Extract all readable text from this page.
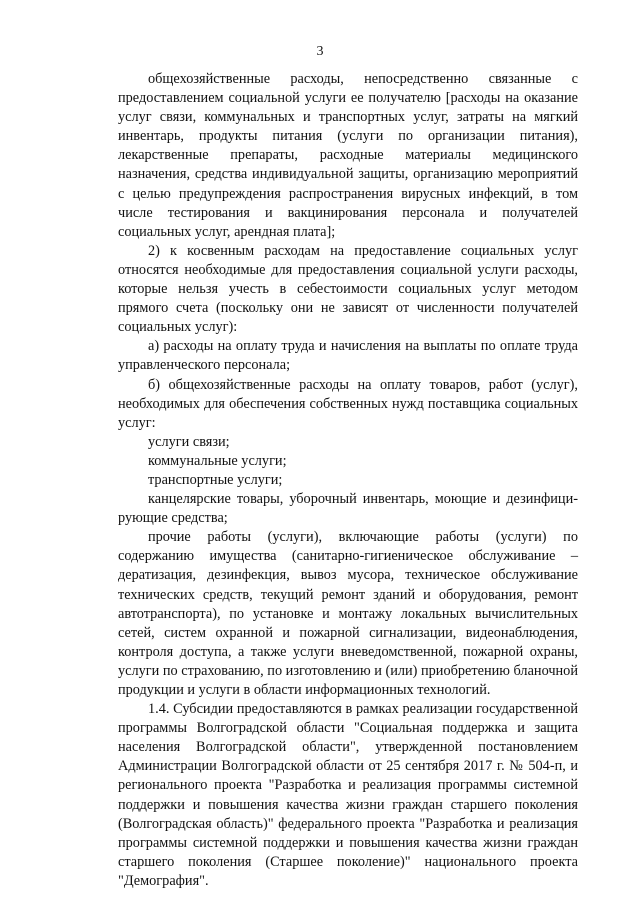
3

общехозяйственные расходы, непосредственно связанные с предоставлением социальной услуги ее получателю [расходы на оказание услуг связи, коммунальных и транспортных услуг, затраты на мягкий инвентарь, продукты питания (услуги по организации питания), лекарственные препараты, расходные материалы медицинского назначения, средства индивидуальной защиты, организацию мероприятий с целью предупреждения распространения вирусных инфекций, в том числе тестирования и вакцинирования персонала и получателей социальных услуг, арендная плата];

2) к косвенным расходам на предоставление социальных услуг относятся необходимые для предоставления социальной услуги расходы, которые нельзя учесть в себестоимости социальных услуг методом прямого счета (поскольку они не зависят от численности получателей социальных услуг):

а) расходы на оплату труда и начисления на выплаты по оплате труда управленческого персонала;

б) общехозяйственные расходы на оплату товаров, работ (услуг), необходимых для обеспечения собственных нужд поставщика социальных услуг:

услуги связи;

коммунальные услуги;

транспортные услуги;

канцелярские товары, уборочный инвентарь, моющие и дезинфици-рующие средства;

прочие работы (услуги), включающие работы (услуги) по содержанию имущества (санитарно-гигиеническое обслуживание – дератизация, дезинфекция, вывоз мусора, техническое обслуживание технических средств, текущий ремонт зданий и оборудования, ремонт автотранспорта), по установке и монтажу локальных вычислительных сетей, систем охранной и пожарной сигнализации, видеонаблюдения, контроля доступа, а также услуги вневедомственной, пожарной охраны, услуги по страхованию, по изготовлению и (или) приобретению бланочной продукции и услуги в области информационных технологий.

1.4. Субсидии предоставляются в рамках реализации государственной программы Волгоградской области "Социальная поддержка и защита населения Волгоградской области", утвержденной постановлением Администрации Волгоградской области от 25 сентября 2017 г. № 504-п, и регионального проекта "Разработка и реализация программы системной поддержки и повышения качества жизни граждан старшего поколения (Волгоградская область)" федерального проекта "Разработка и реализация программы системной поддержки и повышения качества жизни граждан старшего поколения (Старшее поколение)" национального проекта "Демография".
